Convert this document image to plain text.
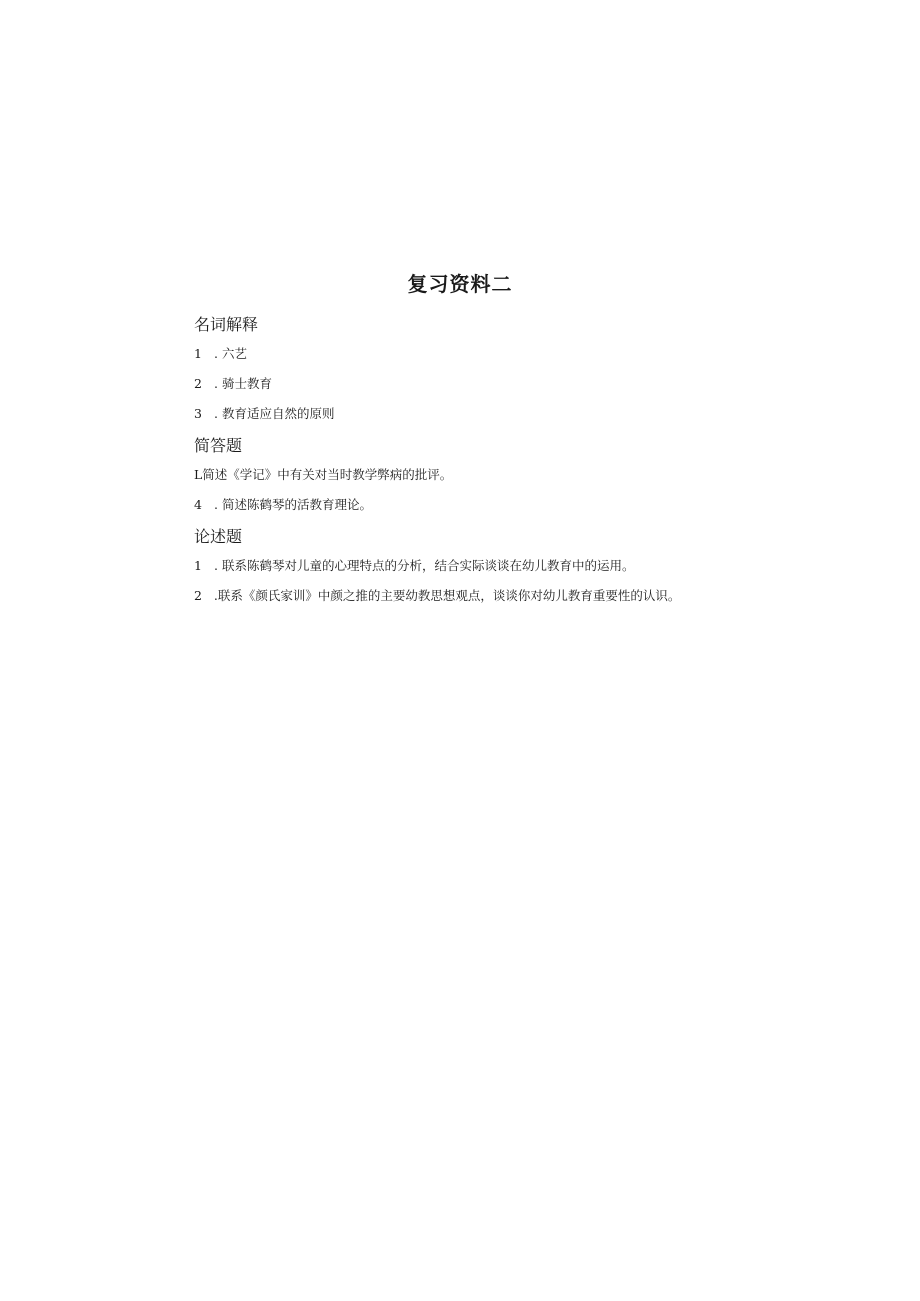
复习资料二
名词解释
1 . 六艺
2 . 骑士教育
3 . 教育适应自然的原则
简答题
L简述《学记》中有关对当时教学弊病的批评。
4 . 简述陈鹤琴的活教育理论。
论述题
1 . 联系陈鹤琴对儿童的心理特点的分析，结合实际谈谈在幼儿教育中的运用。
2 .联系《颜氏家训》中颜之推的主要幼教思想观点，谈谈你对幼儿教育重要性的认识。
